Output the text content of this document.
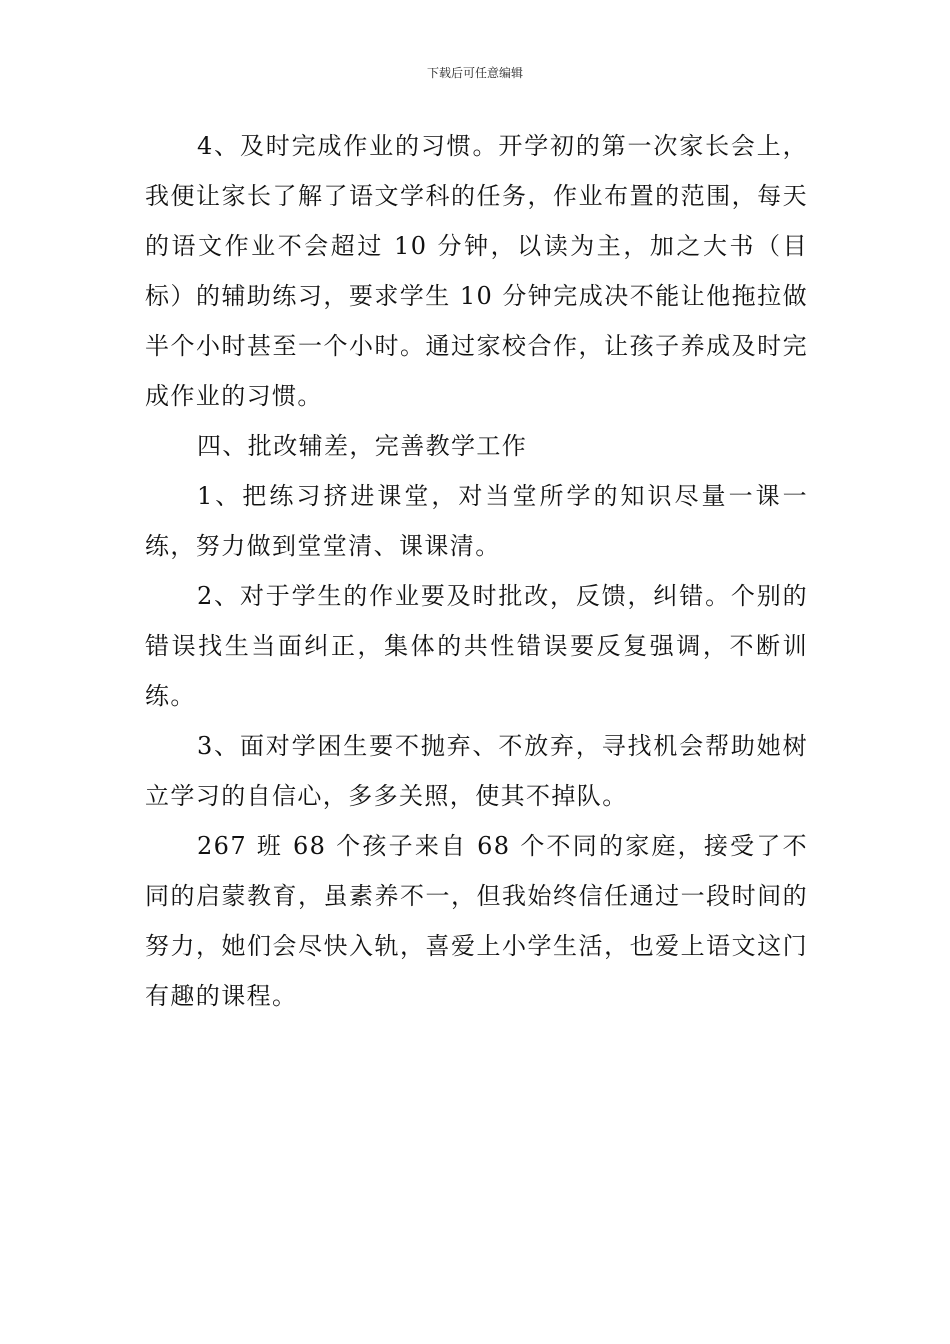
下载后可任意编辑

4、及时完成作业的习惯。开学初的第一次家长会上，我便让家长了解了语文学科的任务，作业布置的范围，每天的语文作业不会超过 10 分钟，以读为主，加之大书（目标）的辅助练习，要求学生 10 分钟完成决不能让他拖拉做半个小时甚至一个小时。通过家校合作，让孩子养成及时完成作业的习惯。

四、批改辅差，完善教学工作

1、把练习挤进课堂，对当堂所学的知识尽量一课一练，努力做到堂堂清、课课清。

2、对于学生的作业要及时批改，反馈，纠错。个别的错误找生当面纠正，集体的共性错误要反复强调，不断训练。

3、面对学困生要不抛弃、不放弃，寻找机会帮助她树立学习的自信心，多多关照，使其不掉队。

267 班 68 个孩子来自 68 个不同的家庭，接受了不同的启蒙教育，虽素养不一，但我始终信任通过一段时间的努力，她们会尽快入轨，喜爱上小学生活，也爱上语文这门有趣的课程。
